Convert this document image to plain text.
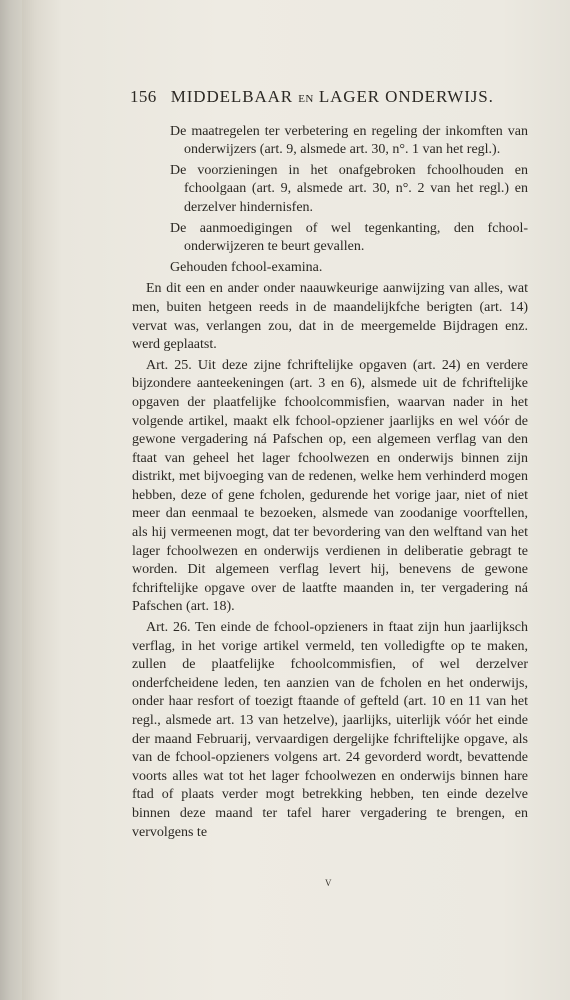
156 MIDDELBAAR EN LAGER ONDERWIJS.

De maatregelen ter verbetering en regeling der inkomften van onderwijzers (art. 9, alsmede art. 30, n°. 1 van het regl.).

De voorzieningen in het onafgebroken fchoolhouden en fchoolgaan (art. 9, alsmede art. 30, n°. 2 van het regl.) en derzelver hindernisfen.

De aanmoedigingen of wel tegenkanting, den fchool-onderwijzeren te beurt gevallen.

Gehouden fchool-examina.

En dit een en ander onder naauwkeurige aanwijzing van alles, wat men, buiten hetgeen reeds in de maandelijkfche berigten (art. 14) vervat was, verlangen zou, dat in de meergemelde Bijdragen enz. werd geplaatst.

Art. 25. Uit deze zijne fchriftelijke opgaven (art. 24) en verdere bijzondere aanteekeningen (art. 3 en 6), alsmede uit de fchriftelijke opgaven der plaatfelijke fchoolcommisfien, waarvan nader in het volgende artikel, maakt elk fchool-opziener jaarlijks en wel vóór de gewone vergadering ná Pafschen op, een algemeen verflag van den ftaat van geheel het lager fchoolwezen en onderwijs binnen zijn distrikt, met bijvoeging van de redenen, welke hem verhinderd mogen hebben, deze of gene fcholen, gedurende het vorige jaar, niet of niet meer dan eenmaal te bezoeken, alsmede van zoodanige voorftellen, als hij vermeenen mogt, dat ter bevordering van den welftand van het lager fchoolwezen en onderwijs verdienen in deliberatie gebragt te worden. Dit algemeen verflag levert hij, benevens de gewone fchriftelijke opgave over de laatfte maanden in, ter vergadering ná Pafschen (art. 18).

Art. 26. Ten einde de fchool-opzieners in ftaat zijn hun jaarlijksch verflag, in het vorige artikel vermeld, ten volledigfte op te maken, zullen de plaatfelijke fchoolcommisfien, of wel derzelver onderfcheidene leden, ten aanzien van de fcholen en het onderwijs, onder haar resfort of toezigt ftaande of gefteld (art. 10 en 11 van het regl., alsmede art. 13 van hetzelve), jaarlijks, uiterlijk vóór het einde der maand Februarij, vervaardigen dergelijke fchriftelijke opgave, als van de fchool-opzieners volgens art. 24 gevorderd wordt, bevattende voorts alles wat tot het lager fchoolwezen en onderwijs binnen hare ftad of plaats verder mogt betrekking hebben, ten einde dezelve binnen deze maand ter tafel harer vergadering te brengen, en vervolgens te

V
